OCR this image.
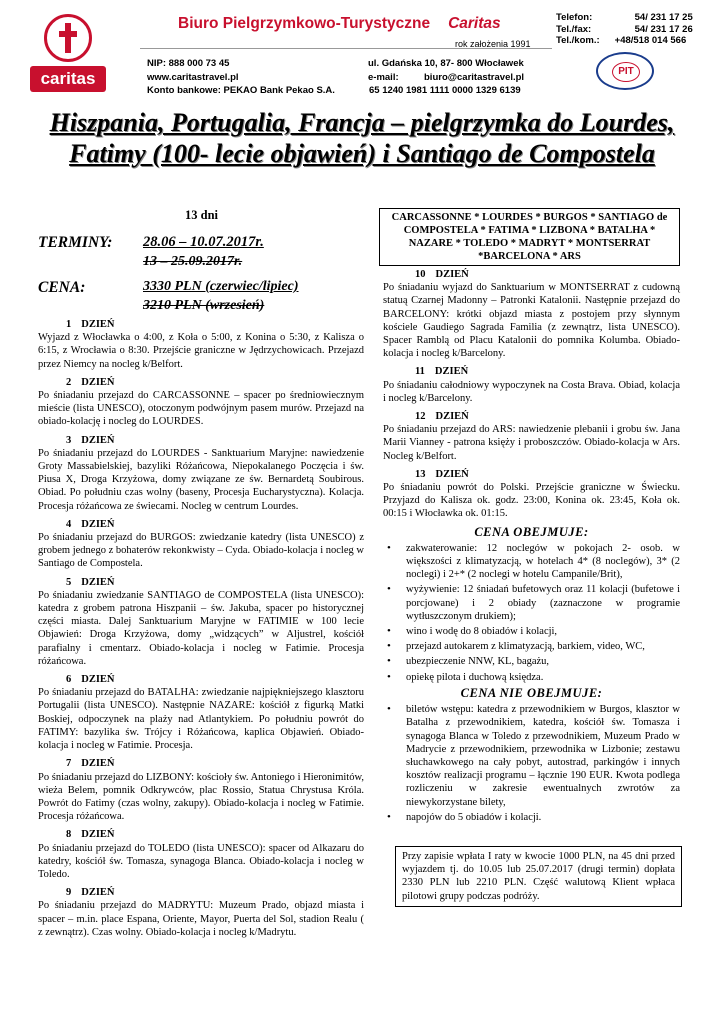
caritas
Biuro Pielgrzymkowo-Turystyczne Caritas
rok założenia 1991
NIP: 888 000 73 45
www.caritastravel.pl
Konto bankowe: PEKAO Bank Pekao S.A.
ul. Gdańska 10, 87- 800 Włocławek
e-mail:	biuro@caritastravel.pl
65 1240 1981 1111 0000 1329 6139
Telefon:	54/ 231 17 25
Tel./fax:	54/ 231 17 26
Tel./kom.: +48/518 014 566
PIT
Hiszpania, Portugalia, Francja – pielgrzymka do Lourdes, Fatimy (100- lecie objawień) i Santiago de Compostela
13 dni
TERMINY: 28.06 – 10.07.2017r.
13 – 25.09.2017r.
CENA:	3330 PLN (czerwiec/lipiec)
3210 PLN (wrzesień)
CARCASSONNE * LOURDES * BURGOS * SANTIAGO de COMPOSTELA * FATIMA * LIZBONA * BATALHA * NAZARE * TOLEDO * MADRYT * MONTSERRAT *BARCELONA * ARS
1 DZIEŃ
Wyjazd z Włocławka o 4:00, z Koła o 5:00, z Konina o 5:30, z Kalisza o 6:15, z Wrocławia o 8:30. Przejście graniczne w Jędrzychowicach. Przejazd przez Niemcy na nocleg k/Belfort.
2 DZIEŃ
Po śniadaniu przejazd do CARCASSONNE – spacer po średniowiecznym mieście (lista UNESCO), otoczonym podwójnym pasem murów. Przejazd na obiado-kolację i nocleg do LOURDES.
3 DZIEŃ
Po śniadaniu przejazd do LOURDES - Sanktuarium Maryjne: nawiedzenie Groty Massabielskiej, bazyliki Różańcowa, Niepokalanego Poczęcia i św. Piusa X, Droga Krzyżowa, domy związane ze św. Bernardetą Soubirous. Obiad. Po południu czas wolny (baseny, Procesja Eucharystyczna). Kolacja. Procesja różańcowa ze świecami. Nocleg w centrum Lourdes.
4 DZIEŃ
Po śniadaniu przejazd do BURGOS: zwiedzanie katedry (lista UNESCO) z grobem jednego z bohaterów rekonkwisty – Cyda. Obiado-kolacja i nocleg w Santiago de Compostela.
5 DZIEŃ
Po śniadaniu zwiedzanie SANTIAGO de COMPOSTELA (lista UNESCO): katedra z grobem patrona Hiszpanii – św. Jakuba, spacer po historycznej części miasta. Dalej Sanktuarium Maryjne w FATIMIE w 100 lecie Objawień: Droga Krzyżowa, domy „widzących” w Aljustrel, kościół parafialny i cmentarz. Obiado-kolacja i nocleg w Fatimie. Procesja różańcowa.
6 DZIEŃ
Po śniadaniu przejazd do BATALHA: zwiedzanie najpiękniejszego klasztoru Portugalii (lista UNESCO). Następnie NAZARE: kościół z figurką Matki Boskiej, odpoczynek na plaży nad Atlantykiem. Po południu powrót do FATIMY: bazylika św. Trójcy i Różańcowa, kaplica Objawień. Obiado-kolacja i nocleg w Fatimie. Procesja.
7 DZIEŃ
Po śniadaniu przejazd do LIZBONY: kościoły św. Antoniego i Hieronimitów, wieża Belem, pomnik Odkrywców, plac Rossio, Statua Chrystusa Króla. Powrót do Fatimy (czas wolny, zakupy). Obiado-kolacja i nocleg w Fatimie. Procesja różańcowa.
8 DZIEŃ
Po śniadaniu przejazd do TOLEDO (lista UNESCO): spacer od Alkazaru do katedry, kościół św. Tomasza, synagoga Blanca. Obiado-kolacja i nocleg w Toledo.
9 DZIEŃ
Po śniadaniu przejazd do MADRYTU: Muzeum Prado, objazd miasta i spacer – m.in. place Espana, Oriente, Mayor, Puerta del Sol, stadion Realu ( z zewnątrz). Czas wolny. Obiado-kolacja i nocleg k/Madrytu.
10 DZIEŃ
Po śniadaniu wyjazd do Sanktuarium w MONTSERRAT z cudowną statuą Czarnej Madonny – Patronki Katalonii. Następnie przejazd do BARCELONY: krótki objazd miasta z postojem przy słynnym kościele Gaudiego Sagrada Familia (z zewnątrz, lista UNESCO). Spacer Ramblą od Placu Katalonii do pomnika Kolumba. Obiado-kolacja i nocleg k/Barcelony.
11 DZIEŃ
Po śniadaniu całodniowy wypoczynek na Costa Brava. Obiad, kolacja i nocleg k/Barcelony.
12 DZIEŃ
Po śniadaniu przejazd do ARS: nawiedzenie plebanii i grobu św. Jana Marii Vianney - patrona księży i proboszczów. Obiado-kolacja w Ars. Nocleg k/Belfort.
13 DZIEŃ
Po śniadaniu powrót do Polski. Przejście graniczne w Świecku. Przyjazd do Kalisza ok. godz. 23:00, Konina ok. 23:45, Koła ok. 00:15 i Włocławka ok. 01:15.
CENA OBEJMUJE:
• zakwaterowanie: 12 noclegów w pokojach 2- osob. w większości z klimatyzacją, w hotelach 4* (8 noclegów), 3* (2 noclegi) i 2+* (2 noclegi w hotelu Campanile/Brit),
• wyżywienie: 12 śniadań bufetowych oraz 11 kolacji (bufetowe i porcjowane) i 2 obiady (zaznaczone w programie wytłuszczonym drukiem);
• wino i wodę do 8 obiadów i kolacji,
• przejazd autokarem z klimatyzacją, barkiem, video, WC,
• ubezpieczenie NNW, KL, bagażu,
• opiekę pilota i duchową księdza.
CENA NIE OBEJMUJE:
• biletów wstępu: katedra z przewodnikiem w Burgos, klasztor w Batalha z przewodnikiem, katedra, kościół św. Tomasza i synagoga Blanca w Toledo z przewodnikiem, Muzeum Prado w Madrycie z przewodnikiem, przewodnika w Lizbonie; zestawu słuchawkowego na cały pobyt, autostrad, parkingów i innych kosztów realizacji programu – łącznie 190 EUR. Kwota podlega rozliczeniu w zakresie ewentualnych zwrotów za niewykorzystane bilety,
• napojów do 5 obiadów i kolacji.
Przy zapisie wpłata I raty w kwocie 1000 PLN, na 45 dni przed wyjazdem tj. do 10.05 lub 25.07.2017 (drugi termin) dopłata 2330 PLN lub 2210 PLN. Część walutową Klient wpłaca pilotowi grupy podczas podróży.
